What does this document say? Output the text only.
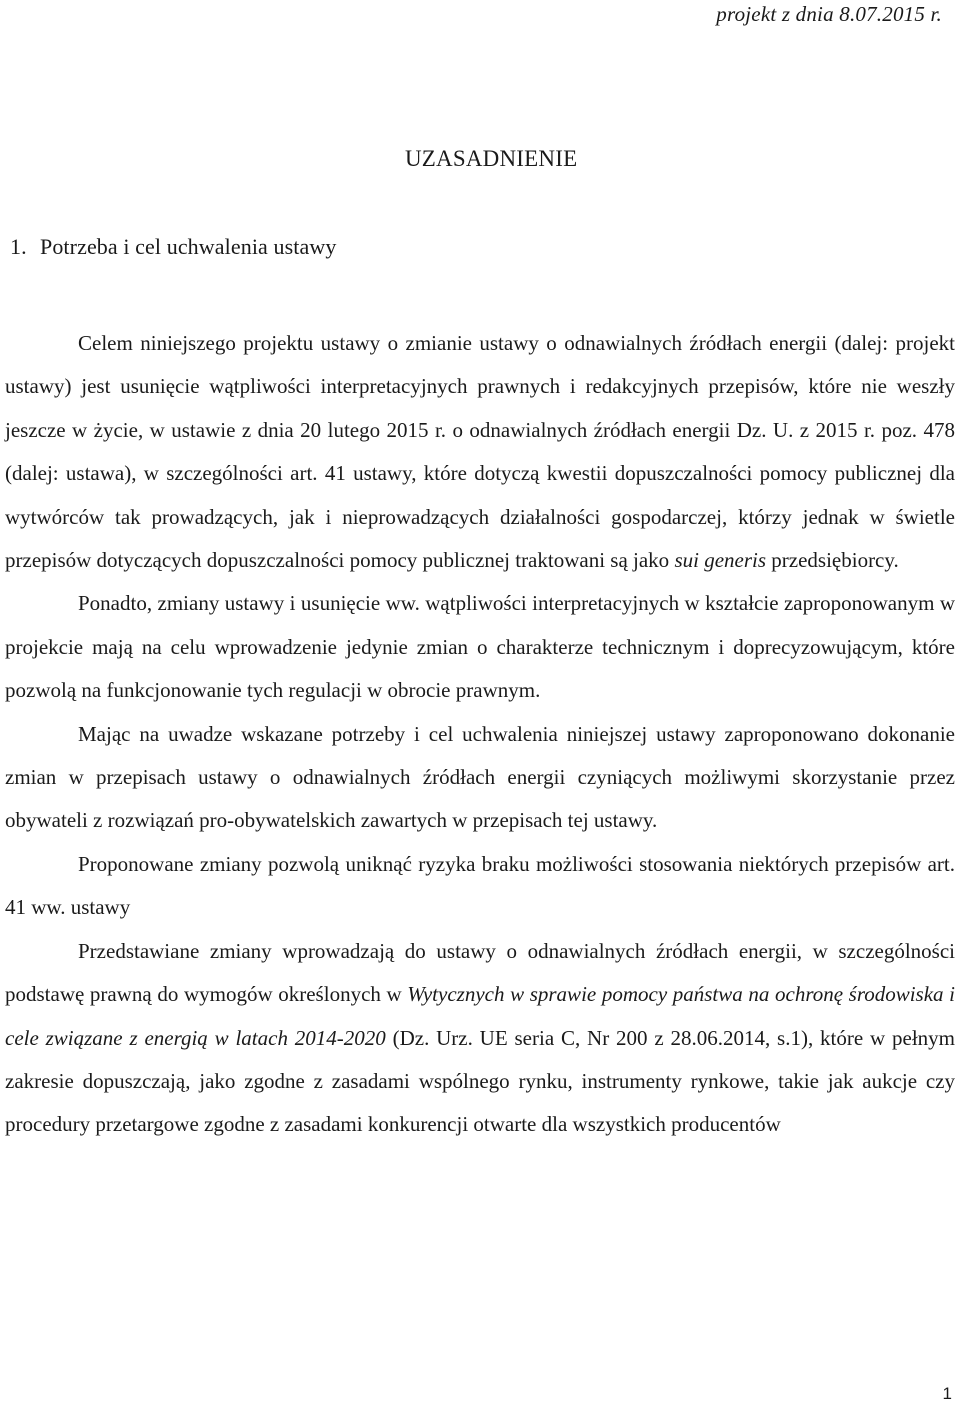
projekt z dnia 8.07.2015 r.
UZASADNIENIE
1. Potrzeba i cel uchwalenia ustawy

Celem niniejszego projektu ustawy o zmianie ustawy o odnawialnych źródłach energii (dalej: projekt ustawy) jest usunięcie wątpliwości interpretacyjnych prawnych i redakcyjnych przepisów, które nie weszły jeszcze w życie, w ustawie z dnia 20 lutego 2015 r. o odnawialnych źródłach energii Dz. U. z 2015 r. poz. 478 (dalej: ustawa), w szczególności art. 41 ustawy, które dotyczą kwestii dopuszczalności pomocy publicznej dla wytwórców tak prowadzących, jak i nieprowadzących działalności gospodarczej, którzy jednak w świetle przepisów dotyczących dopuszczalności pomocy publicznej traktowani są jako sui generis przedsiębiorcy.

Ponadto, zmiany ustawy i usunięcie ww. wątpliwości interpretacyjnych w kształcie zaproponowanym w projekcie mają na celu wprowadzenie jedynie zmian o charakterze technicznym i doprecyzowującym, które pozwolą na funkcjonowanie tych regulacji w obrocie prawnym.

Mając na uwadze wskazane potrzeby i cel uchwalenia niniejszej ustawy zaproponowano dokonanie zmian w przepisach ustawy o odnawialnych źródłach energii czyniących możliwymi skorzystanie przez obywateli z rozwiązań pro-obywatelskich zawartych w przepisach tej ustawy.

Proponowane zmiany pozwolą uniknąć ryzyka braku możliwości stosowania niektórych przepisów art. 41 ww. ustawy

Przedstawiane zmiany wprowadzają do ustawy o odnawialnych źródłach energii, w szczególności podstawę prawną do wymogów określonych w Wytycznych w sprawie pomocy państwa na ochronę środowiska i cele związane z energią w latach 2014-2020 (Dz. Urz. UE seria C, Nr 200 z 28.06.2014, s.1), które w pełnym zakresie dopuszczają, jako zgodne z zasadami wspólnego rynku, instrumenty rynkowe, takie jak aukcje czy procedury przetargowe zgodne z zasadami konkurencji otwarte dla wszystkich producentów

1
